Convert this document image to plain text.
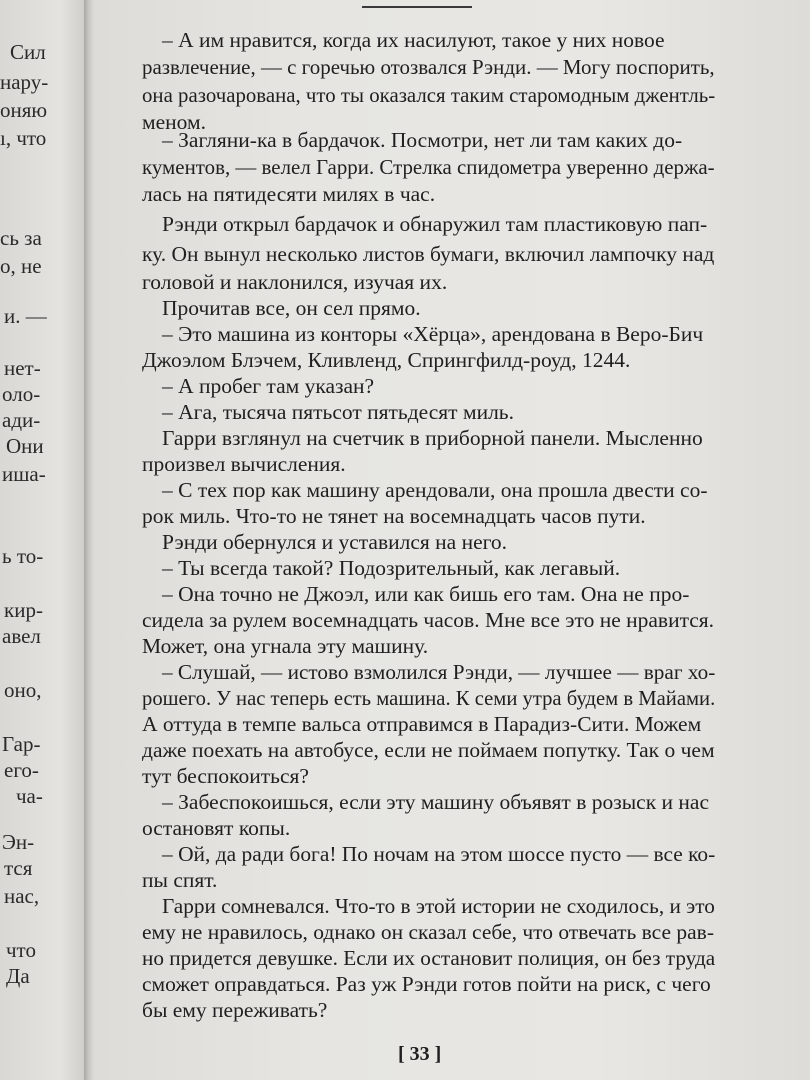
Сил
нару-
оняю
ı, что
сь за
о, не
и. —
нет-
оло-
ади-
Они
иша-
ь то-
кир-
авел
оно,
Гар-
его-
ча-
Эн-
тся
нас,
что
Да
– А им нравится, когда их насилуют, такое у них новое
развлечение, — с горечью отозвался Рэнди. — Могу поспорить,
она разочарована, что ты оказался таким старомодным джентль-
меном.
– Загляни-ка в бардачок. Посмотри, нет ли там каких до-
кументов, — велел Гарри. Стрелка спидометра уверенно держа-
лась на пятидесяти милях в час.
Рэнди открыл бардачок и обнаружил там пластиковую пап-
ку. Он вынул несколько листов бумаги, включил лампочку над
головой и наклонился, изучая их.
Прочитав все, он сел прямо.
– Это машина из конторы «Хёрца», арендована в Веро-Бич
Джоэлом Блэчем, Кливленд, Спрингфилд-роуд, 1244.
– А пробег там указан?
– Ага, тысяча пятьсот пятьдесят миль.
Гарри взглянул на счетчик в приборной панели. Мысленно
произвел вычисления.
– С тех пор как машину арендовали, она прошла двести со-
рок миль. Что-то не тянет на восемнадцать часов пути.
Рэнди обернулся и уставился на него.
– Ты всегда такой? Подозрительный, как легавый.
– Она точно не Джоэл, или как бишь его там. Она не про-
сидела за рулем восемнадцать часов. Мне все это не нравится.
Может, она угнала эту машину.
– Слушай, — истово взмолился Рэнди, — лучшее — враг хо-
рошего. У нас теперь есть машина. К семи утра будем в Майами.
А оттуда в темпе вальса отправимся в Парадиз-Сити. Можем
даже поехать на автобусе, если не поймаем попутку. Так о чем
тут беспокоиться?
– Забеспокоишься, если эту машину объявят в розыск и нас
остановят копы.
– Ой, да ради бога! По ночам на этом шоссе пусто — все ко-
пы спят.
Гарри сомневался. Что-то в этой истории не сходилось, и это
ему не нравилось, однако он сказал себе, что отвечать все рав-
но придется девушке. Если их остановит полиция, он без труда
сможет оправдаться. Раз уж Рэнди готов пойти на риск, с чего
бы ему переживать?
[ 33 ]
